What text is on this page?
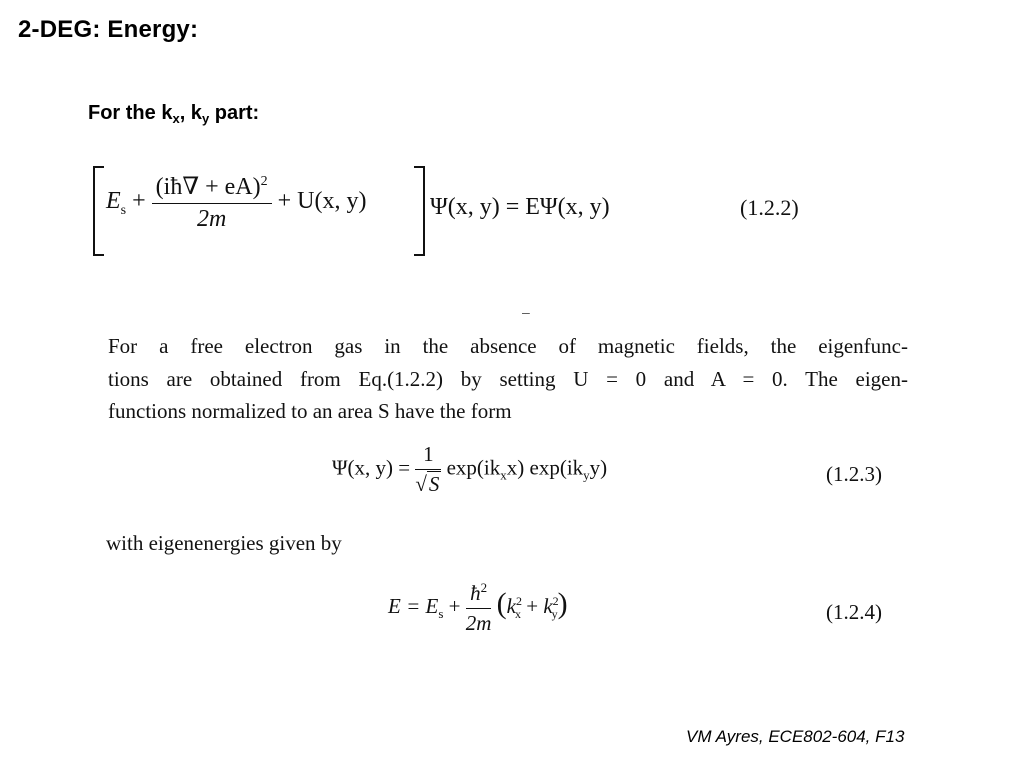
2-DEG: Energy:
For the $k_x$, $k_y$ part:
$E_s + \frac{(iħ\nabla + eA)^2}{2m} + U(x$, y)	Ψ(x, y) = EΨ(x, y)	(1.2.2)
–
For a free electron gas in the absence of magnetic fields, the eigenfunc-
tions are obtained from Eq.(1.2.2) by setting U = 0 and A = 0. The eigen-
functions normalized to an area S have the form
Ψ(x, $y) = \frac{1}{√S} \exp(ik_xx)$ $\exp(ik_yy)$	(1.2.3)
with eigenenergies given by
$E = E_s + \frac{ħ^2}{2m} (k^2_x + k^2_y)$	(1.2.4)
VM Ayres, ECE802-604, F13
